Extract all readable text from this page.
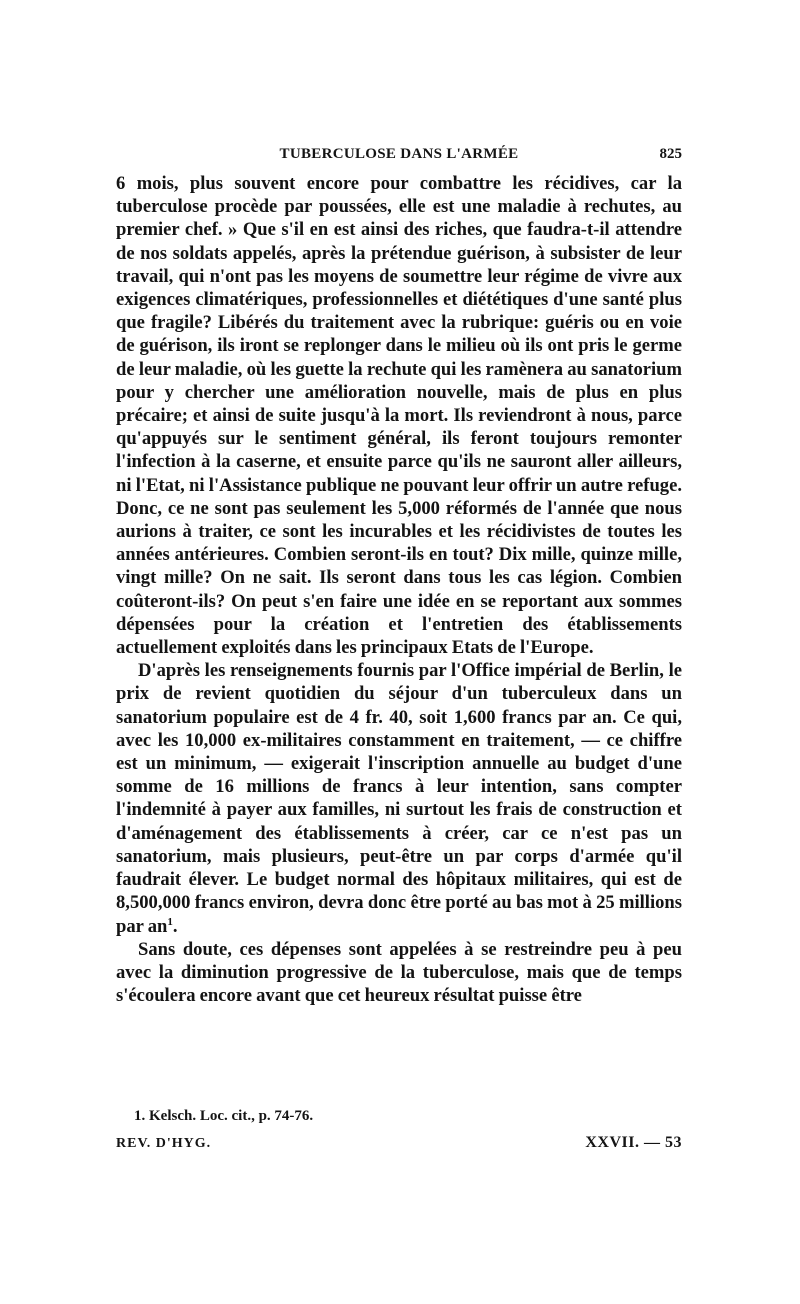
TUBERCULOSE DANS L'ARMÉE	825

6 mois, plus souvent encore pour combattre les récidives, car la tuberculose procède par poussées, elle est une maladie à rechutes, au premier chef. » Que s'il en est ainsi des riches, que faudra-t-il attendre de nos soldats appelés, après la prétendue guérison, à subsister de leur travail, qui n'ont pas les moyens de soumettre leur régime de vivre aux exigences climatériques, professionnelles et diététiques d'une santé plus que fragile? Libérés du traitement avec la rubrique: guéris ou en voie de guérison, ils iront se replonger dans le milieu où ils ont pris le germe de leur maladie, où les guette la rechute qui les ramènera au sanatorium pour y chercher une amélioration nouvelle, mais de plus en plus précaire; et ainsi de suite jusqu'à la mort. Ils reviendront à nous, parce qu'appuyés sur le sentiment général, ils feront toujours remonter l'infection à la caserne, et ensuite parce qu'ils ne sauront aller ailleurs, ni l'Etat, ni l'Assistance publique ne pouvant leur offrir un autre refuge. Donc, ce ne sont pas seulement les 5,000 réformés de l'année que nous aurions à traiter, ce sont les incurables et les récidivistes de toutes les années antérieures. Combien seront-ils en tout? Dix mille, quinze mille, vingt mille? On ne sait. Ils seront dans tous les cas légion. Combien coûteront-ils? On peut s'en faire une idée en se reportant aux sommes dépensées pour la création et l'entretien des établissements actuellement exploités dans les principaux Etats de l'Europe.

D'après les renseignements fournis par l'Office impérial de Berlin, le prix de revient quotidien du séjour d'un tuberculeux dans un sanatorium populaire est de 4 fr. 40, soit 1,600 francs par an. Ce qui, avec les 10,000 ex-militaires constamment en traitement, — ce chiffre est un minimum, — exigerait l'inscription annuelle au budget d'une somme de 16 millions de francs à leur intention, sans compter l'indemnité à payer aux familles, ni surtout les frais de construction et d'aménagement des établissements à créer, car ce n'est pas un sanatorium, mais plusieurs, peut-être un par corps d'armée qu'il faudrait élever. Le budget normal des hôpitaux militaires, qui est de 8,500,000 francs environ, devra donc être porté au bas mot à 25 millions par $an^1$.

Sans doute, ces dépenses sont appelées à se restreindre peu à peu avec la diminution progressive de la tuberculose, mais que de temps s'écoulera encore avant que cet heureux résultat puisse être

1. Kelsch. Loc. cit., p. 74-76.
REV. D'HYG.	XXVII. — 53
